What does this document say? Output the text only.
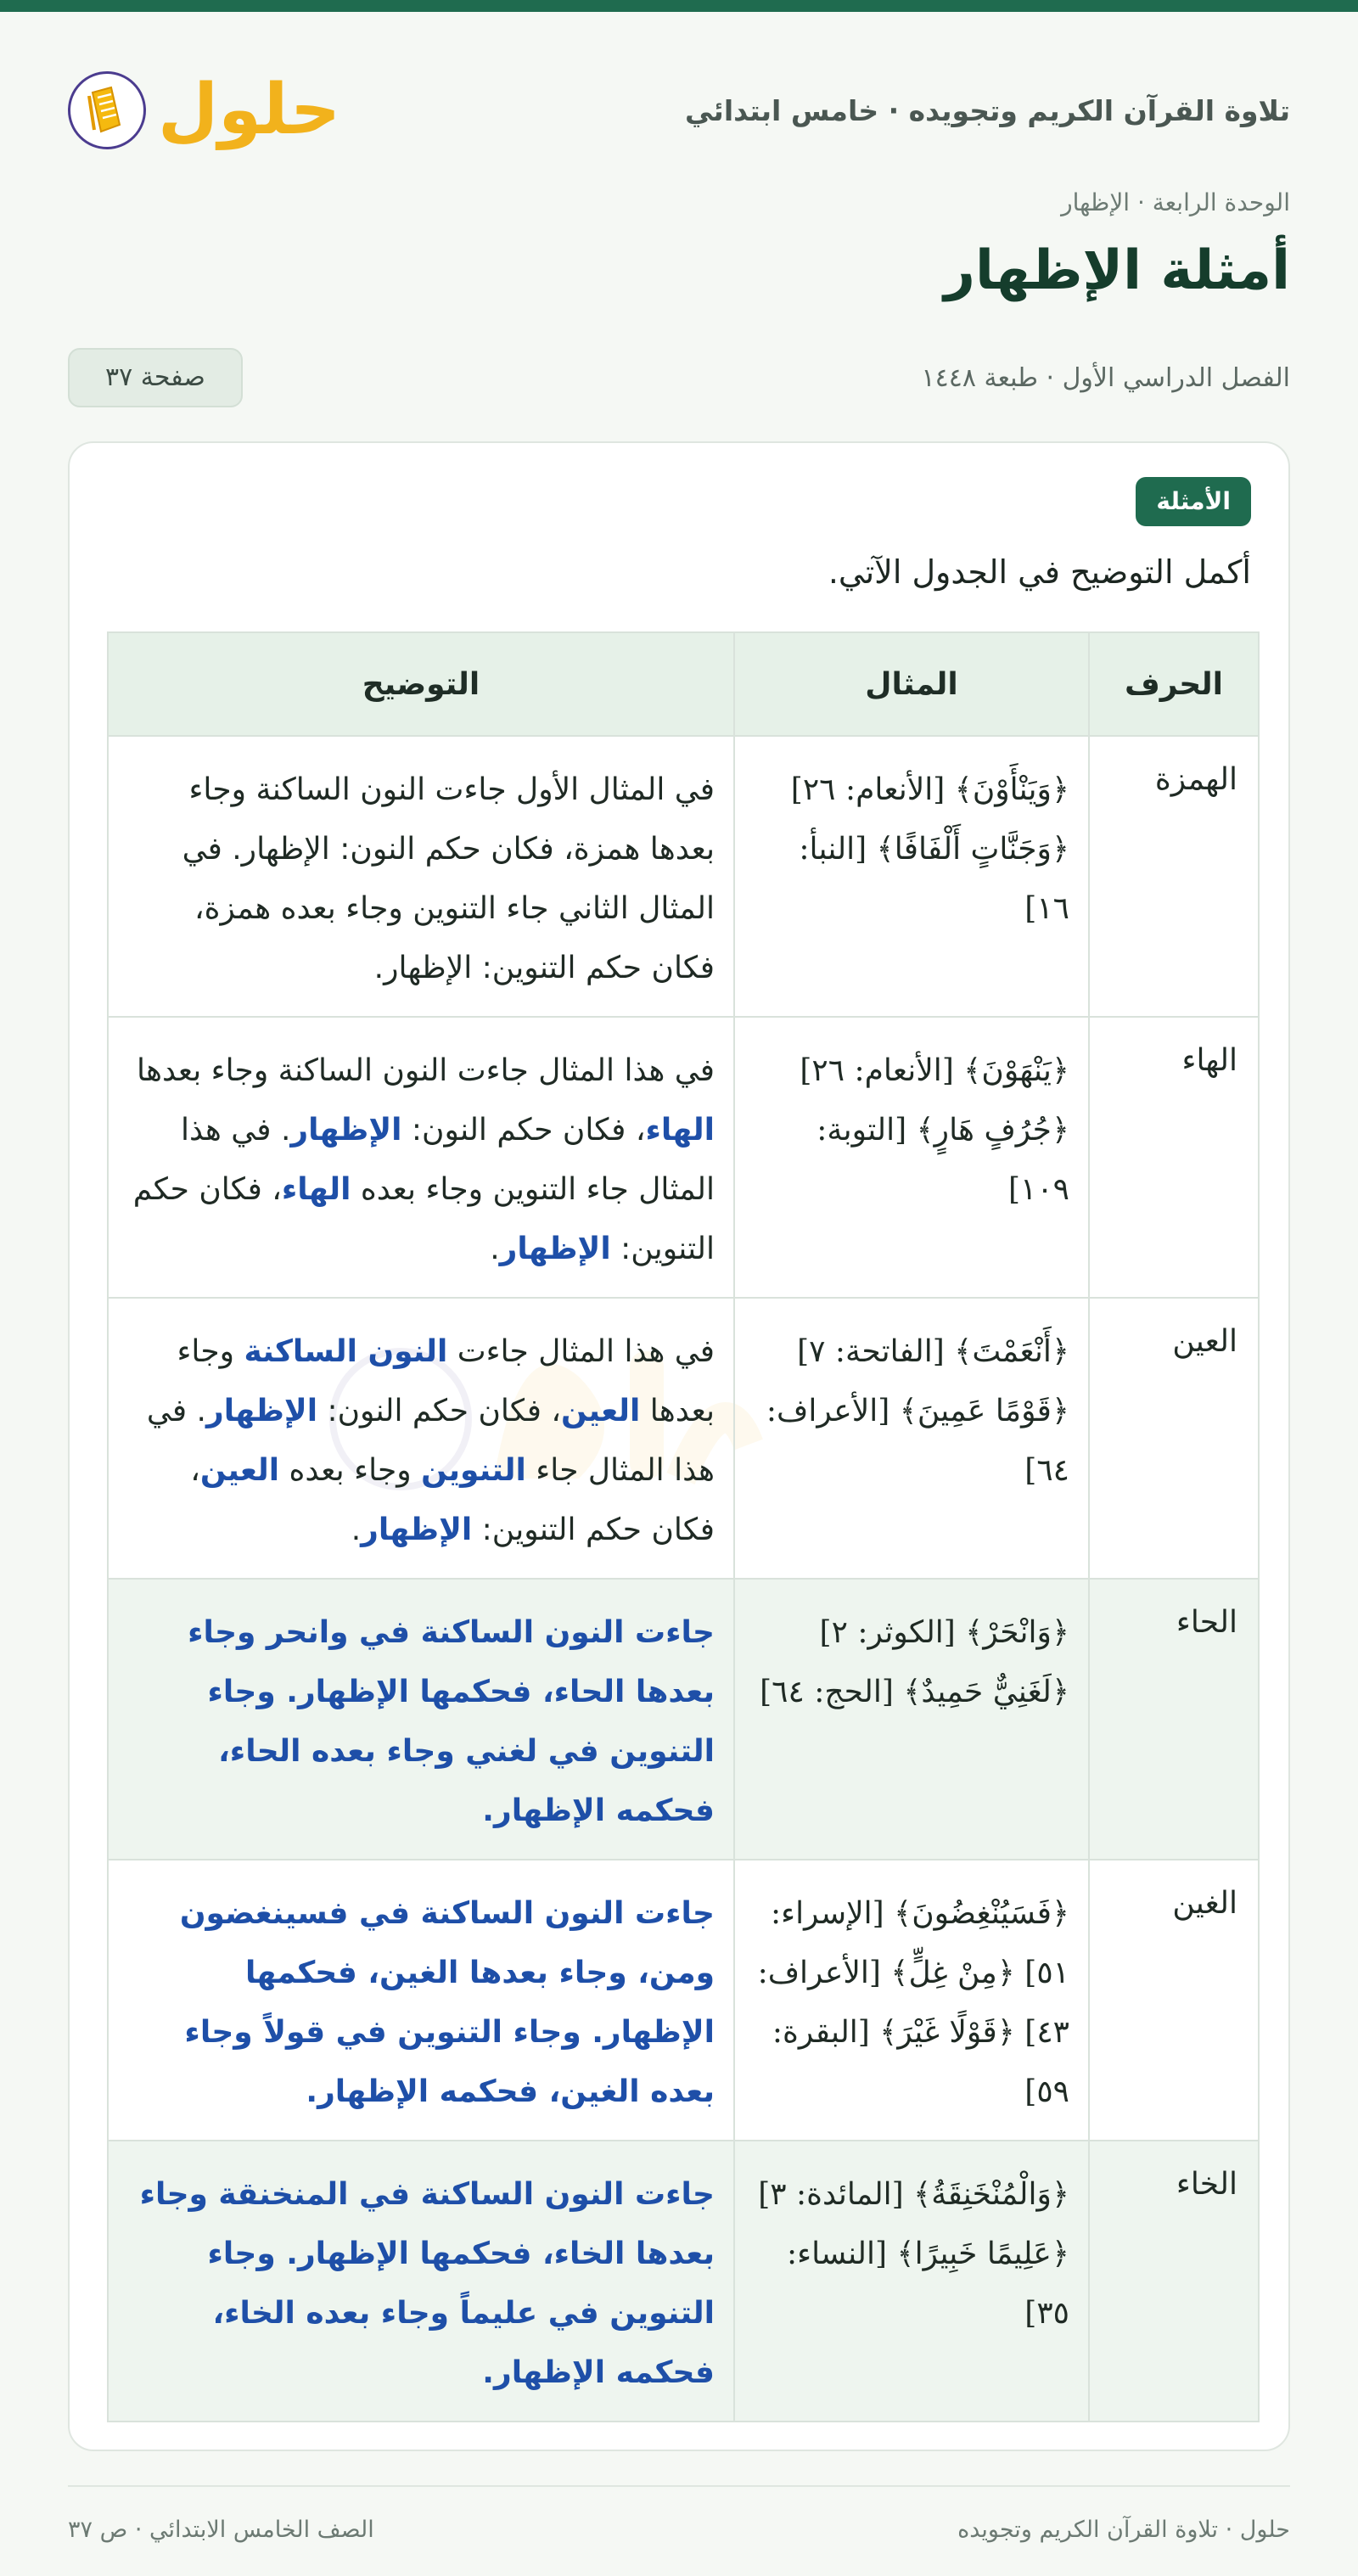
تلاوة القرآن الكريم وتجويده · خامس ابتدائي
حلول
الوحدة الرابعة · الإظهار
أمثلة الإظهار
الفصل الدراسي الأول · طبعة ١٤٤٨
صفحة ٣٧
الأمثلة
أكمل التوضيح في الجدول الآتي.
الحرف	المثال	التوضيح
الهمزة	﴿وَيَنْأَوْنَ﴾ [الأنعام: ٢٦] ﴿وَجَنَّاتٍ أَلْفَافًا﴾ [النبأ: ١٦]	في المثال الأول جاءت النون الساكنة وجاء بعدها همزة، فكان حكم النون: الإظهار. في المثال الثاني جاء التنوين وجاء بعده همزة، فكان حكم التنوين: الإظهار.
الهاء	﴿يَنْهَوْنَ﴾ [الأنعام: ٢٦] ﴿جُرُفٍ هَارٍ﴾ [التوبة: ١٠٩]	في هذا المثال جاءت النون الساكنة وجاء بعدها الهاء، فكان حكم النون: الإظهار. في هذا المثال جاء التنوين وجاء بعده الهاء، فكان حكم التنوين: الإظهار.
العين	﴿أَنْعَمْتَ﴾ [الفاتحة: ٧] ﴿قَوْمًا عَمِينَ﴾ [الأعراف: ٦٤]	في هذا المثال جاءت النون الساكنة وجاء بعدها العين، فكان حكم النون: الإظهار. في هذا المثال جاء التنوين وجاء بعده العين، فكان حكم التنوين: الإظهار.
الحاء	﴿وَانْحَرْ﴾ [الكوثر: ٢] ﴿لَغَنِيٌّ حَمِيدٌ﴾ [الحج: ٦٤]	جاءت النون الساكنة في وانحر وجاء بعدها الحاء، فحكمها الإظهار. وجاء التنوين في لغني وجاء بعده الحاء، فحكمه الإظهار.
الغين	﴿فَسَيُنْغِضُونَ﴾ [الإسراء: ٥١] ﴿مِنْ غِلٍّ﴾ [الأعراف: ٤٣] ﴿قَوْلًا غَيْرَ﴾ [البقرة: ٥٩]	جاءت النون الساكنة في فسينغضون ومن، وجاء بعدها الغين، فحكمها الإظهار. وجاء التنوين في قولاً وجاء بعده الغين، فحكمه الإظهار.
الخاء	﴿وَالْمُنْخَنِقَةُ﴾ [المائدة: ٣] ﴿عَلِيمًا خَبِيرًا﴾ [النساء: ٣٥]	جاءت النون الساكنة في المنخنقة وجاء بعدها الخاء، فحكمها الإظهار. وجاء التنوين في عليماً وجاء بعده الخاء، فحكمه الإظهار.
حلول · تلاوة القرآن الكريم وتجويده
الصف الخامس الابتدائي · ص ٣٧
